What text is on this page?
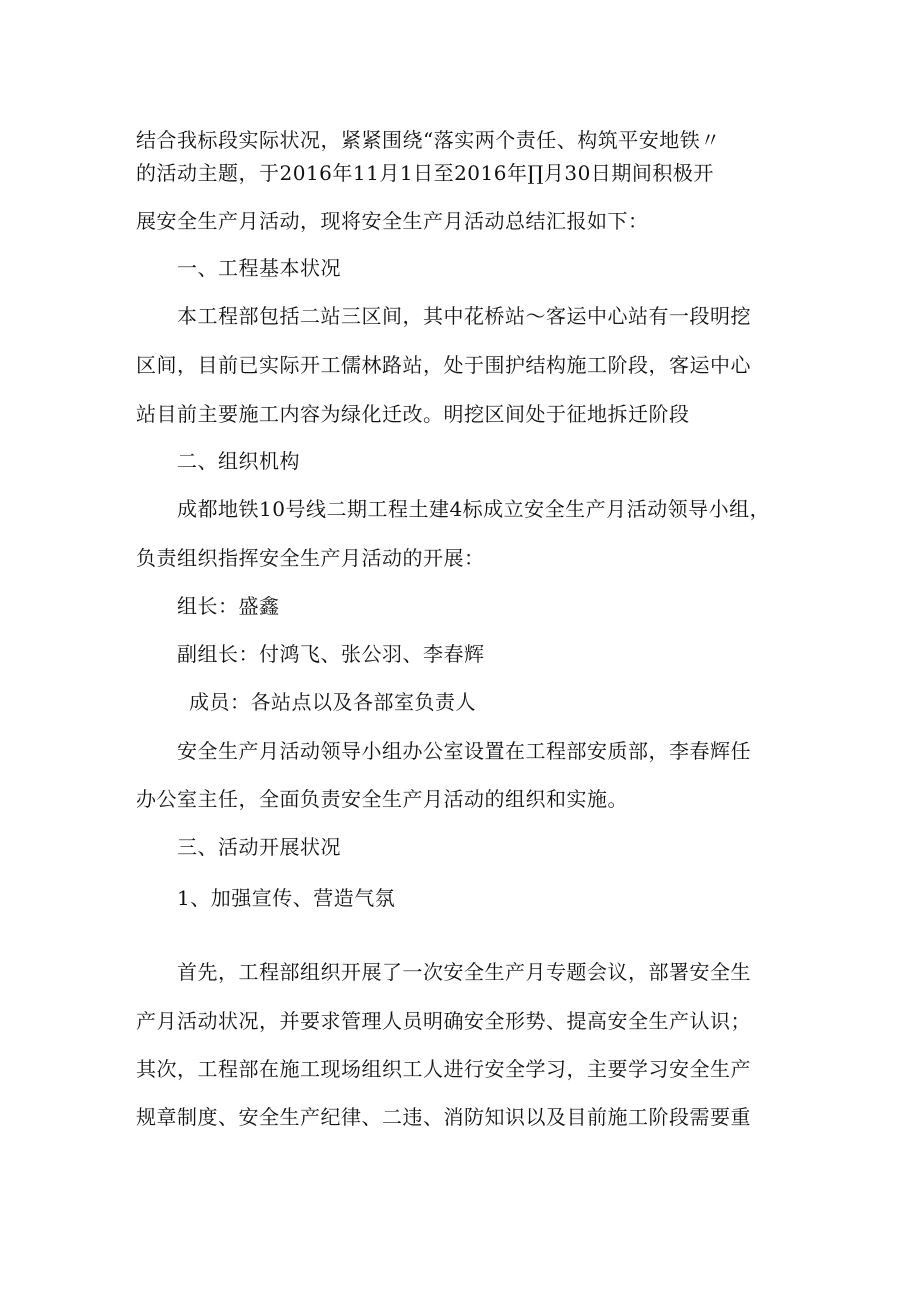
结合我标段实际状况，紧紧围绕“落实两个责任、构筑平安地铁〃
的活动主题，于2016年11月1日至2016年∏月30日期间积极开
展安全生产月活动，现将安全生产月活动总结汇报如下：
一、工程基本状况
本工程部包括二站三区间，其中花桥站～客运中心站有一段明挖
区间，目前已实际开工儒林路站，处于围护结构施工阶段，客运中心
站目前主要施工内容为绿化迁改。明挖区间处于征地拆迁阶段
二、组织机构
成都地铁10号线二期工程土建4标成立安全生产月活动领导小组，
负责组织指挥安全生产月活动的开展：
组长：盛鑫
副组长：付鸿飞、张公羽、李春辉
成员：各站点以及各部室负责人
安全生产月活动领导小组办公室设置在工程部安质部，李春辉任
办公室主任，全面负责安全生产月活动的组织和实施。
三、活动开展状况
1、加强宣传、营造气氛
首先，工程部组织开展了一次安全生产月专题会议，部署安全生
产月活动状况，并要求管理人员明确安全形势、提高安全生产认识；
其次，工程部在施工现场组织工人进行安全学习，主要学习安全生产
规章制度、安全生产纪律、二违、消防知识以及目前施工阶段需要重
